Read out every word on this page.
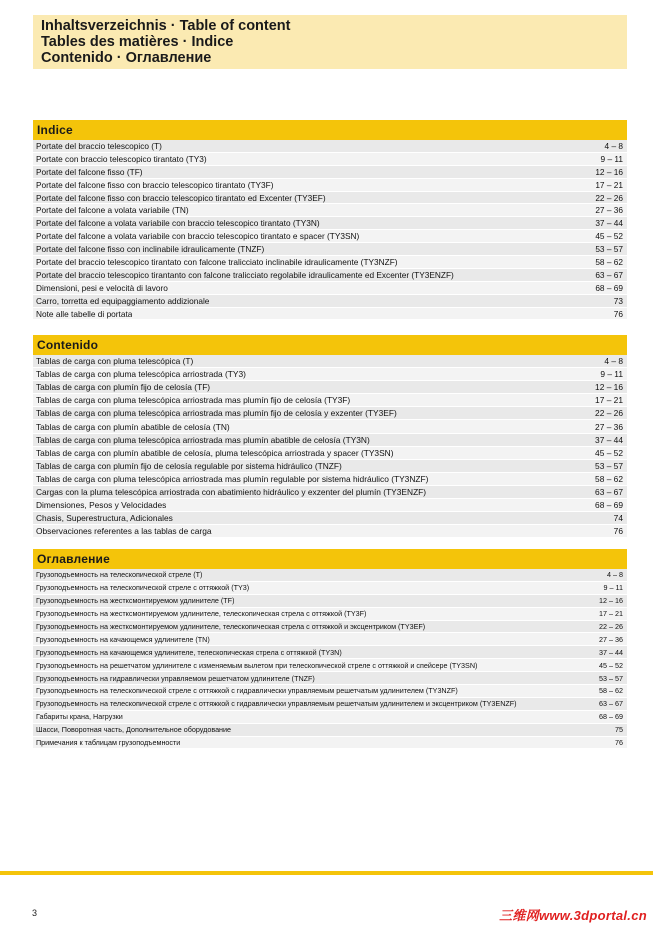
Inhaltsverzeichnis · Table of content
Tables des matières · Indice
Contenido · Оглавление
Indice
Portate del braccio telescopico (T)	4 – 8
Portate con braccio telescopico tirantato (TY3)	9 – 11
Portate del falcone fisso (TF)	12 – 16
Portate del falcone fisso con braccio telescopico tirantato (TY3F)	17 – 21
Portate del falcone fisso con braccio telescopico tirantato ed Excenter (TY3EF)	22 – 26
Portate del falcone a volata variabile (TN)	27 – 36
Portate del falcone a volata variabile con braccio telescopico tirantato (TY3N)	37 – 44
Portate del falcone a volata variabile con braccio telescopico tirantato e spacer (TY3SN)	45 – 52
Portate del falcone fisso con inclinabile idraulicamente (TNZF)	53 – 57
Portate del braccio telescopico tirantato con falcone tralicciato inclinabile idraulicamente (TY3NZF)	58 – 62
Portate del braccio telescopico tirantanto con falcone tralicciato regolabile idraulicamente ed Excenter (TY3ENZF)	63 – 67
Dimensioni, pesi e velocità di lavoro	68 – 69
Carro, torretta ed equipaggiamento addizionale	73
Note alle tabelle di portata	76
Contenido
Tablas de carga con pluma telescópica (T)	4 – 8
Tablas de carga con pluma telescópica arriostrada (TY3)	9 – 11
Tablas de carga con plumín fijo de celosía (TF)	12 – 16
Tablas de carga con pluma telescópica arriostrada mas plumín fijo de celosía (TY3F)	17 – 21
Tablas de carga con pluma telescópica arriostrada mas plumín fijo de celosía y exzenter (TY3EF)	22 – 26
Tablas de carga con plumín abatible de celosía (TN)	27 – 36
Tablas de carga con pluma telescópica arriostrada mas plumín abatible de celosía (TY3N)	37 – 44
Tablas de carga con plumín abatible de celosía, pluma telescópica arriostrada y spacer (TY3SN)	45 – 52
Tablas de carga con plumín fijo de celosía regulable por sistema hidráulico (TNZF)	53 – 57
Tablas de carga con pluma telescópica arriostrada mas plumín regulable por sistema hidráulico (TY3NZF)	58 – 62
Cargas con la pluma telescópica arriostrada con abatimiento hidráulico y exzenter del plumín (TY3ENZF)	63 – 67
Dimensiones, Pesos y Velocidades	68 – 69
Chasis, Superestructura, Adicionales	74
Observaciones referentes a las tablas de carga	76
Оглавление
Грузоподъемность на телескопической стреле (T)	4 – 8
Грузоподъемность на телескопической стреле с оттяжкой (TY3)	9 – 11
Грузоподъемность на жестксмонтируемом удлинителе (TF)	12 – 16
Грузоподъемность на жестксмонтируемом удлинителе, телескопическая стрела с оттяжкой (TY3F)	17 – 21
Грузоподъемность на жестксмонтируемом удлинителе, телескопическая стрела с оттяжкой и эксцентриком (TY3EF)	22 – 26
Грузоподъемность на качающемся удлинителе (TN)	27 – 36
Грузоподъемность на качающемся удлинителе, телескопическая стрела с оттяжкой (TY3N)	37 – 44
Грузоподъемность на решетчатом удлинителе с изменяемым вылетом при телескопической стреле с оттяжкой и спейсере (TY3SN)	45 – 52
Грузоподъемность на гидравлически управляемом решетчатом удлинителе (TNZF)	53 – 57
Грузоподъемность на телескопической стреле с оттяжкой с гидравлически управляемым решетчатым удлинителем (TY3NZF)	58 – 62
Грузоподъемность на телескопической стреле с оттяжкой с гидравлически управляемым решетчатым удлинителем и эксцентриком (TY3ENZF)	63 – 67
Габариты крана, Нагрузки	68 – 69
Шасси, Поворотная часть, Дополнительное оборудование	75
Примечания к таблицам грузоподъемности	76
3	三维网www.3dportal.cn
